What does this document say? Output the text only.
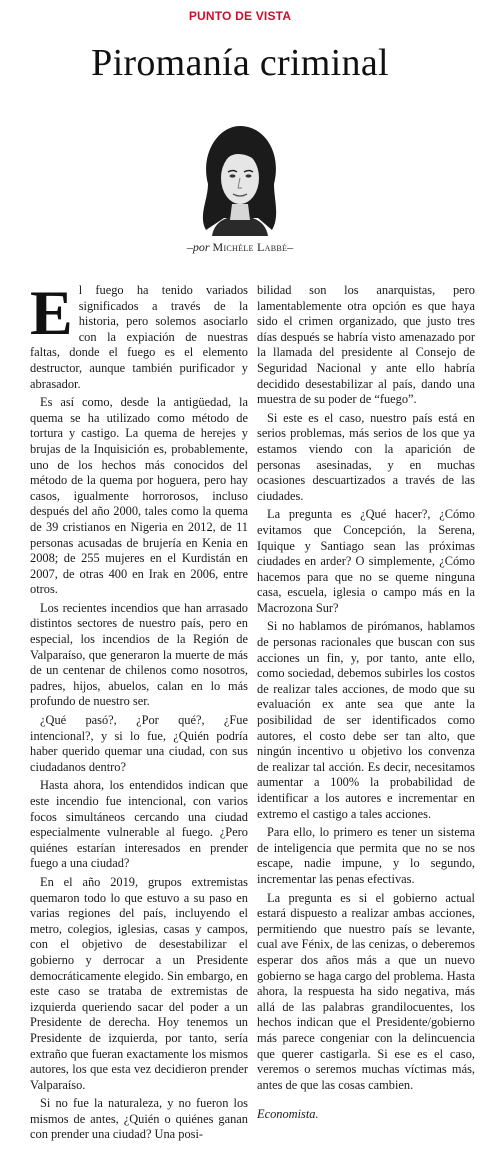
PUNTO DE VISTA
Piromanía criminal
–por Michèle Labbé–

El fuego ha tenido variados significados a través de la historia, pero solemos asociarlo con la expiación de nuestras faltas, donde el fuego es el elemento destructor, aunque también purificador y abrasador.

Es así como, desde la antigüedad, la quema se ha utilizado como método de tortura y castigo. La quema de herejes y brujas de la Inquisición es, probablemente, uno de los hechos más conocidos del método de la quema por hoguera, pero hay casos, igualmente horrorosos, incluso después del año 2000, tales como la quema de 39 cristianos en Nigeria en 2012, de 11 personas acusadas de brujería en Kenia en 2008; de 255 mujeres en el Kurdistán en 2007, de otras 400 en Irak en 2006, entre otros.

Los recientes incendios que han arrasado distintos sectores de nuestro país, pero en especial, los incendios de la Región de Valparaíso, que generaron la muerte de más de un centenar de chilenos como nosotros, padres, hijos, abuelos, calan en lo más profundo de nuestro ser.

¿Qué pasó?, ¿Por qué?, ¿Fue intencional?, y si lo fue, ¿Quién podría haber querido quemar una ciudad, con sus ciudadanos dentro?

Hasta ahora, los entendidos indican que este incendio fue intencional, con varios focos simultáneos cercando una ciudad especialmente vulnerable al fuego. ¿Pero quiénes estarían interesados en prender fuego a una ciudad?

En el año 2019, grupos extremistas quemaron todo lo que estuvo a su paso en varias regiones del país, incluyendo el metro, colegios, iglesias, casas y campos, con el objetivo de desestabilizar el gobierno y derrocar a un Presidente democráticamente elegido. Sin embargo, en este caso se trataba de extremistas de izquierda queriendo sacar del poder a un Presidente de derecha. Hoy tenemos un Presidente de izquierda, por tanto, sería extraño que fueran exactamente los mismos autores, los que esta vez decidieron prender Valparaíso.

Si no fue la naturaleza, y no fueron los mismos de antes, ¿Quién o quiénes ganan con prender una ciudad? Una posi-

bilidad son los anarquistas, pero lamentablemente otra opción es que haya sido el crimen organizado, que justo tres días después se habría visto amenazado por la llamada del presidente al Consejo de Seguridad Nacional y ante ello habría decidido desestabilizar al país, dando una muestra de su poder de “fuego”.

Si este es el caso, nuestro país está en serios problemas, más serios de los que ya estamos viendo con la aparición de personas asesinadas, y en muchas ocasiones descuartizados a través de las ciudades.

La pregunta es ¿Qué hacer?, ¿Cómo evitamos que Concepción, la Serena, Iquique y Santiago sean las próximas ciudades en arder? O simplemente, ¿Cómo hacemos para que no se queme ninguna casa, escuela, iglesia o campo más en la Macrozona Sur?

Si no hablamos de pirómanos, hablamos de personas racionales que buscan con sus acciones un fin, y, por tanto, ante ello, como sociedad, debemos subirles los costos de realizar tales acciones, de modo que su evaluación ex ante sea que ante la posibilidad de ser identificados como autores, el costo debe ser tan alto, que ningún incentivo u objetivo los convenza de realizar tal acción. Es decir, necesitamos aumentar a 100% la probabilidad de identificar a los autores e incrementar en extremo el castigo a tales acciones.

Para ello, lo primero es tener un sistema de inteligencia que permita que no se nos escape, nadie impune, y lo segundo, incrementar las penas efectivas.

La pregunta es si el gobierno actual estará dispuesto a realizar ambas acciones, permitiendo que nuestro país se levante, cual ave Fénix, de las cenizas, o deberemos esperar dos años más a que un nuevo gobierno se haga cargo del problema. Hasta ahora, la respuesta ha sido negativa, más allá de las palabras grandilocuentes, los hechos indican que el Presidente/gobierno más parece congeniar con la delincuencia que querer castigarla. Si ese es el caso, veremos o seremos muchas víctimas más, antes de que las cosas cambien.

Economista.
